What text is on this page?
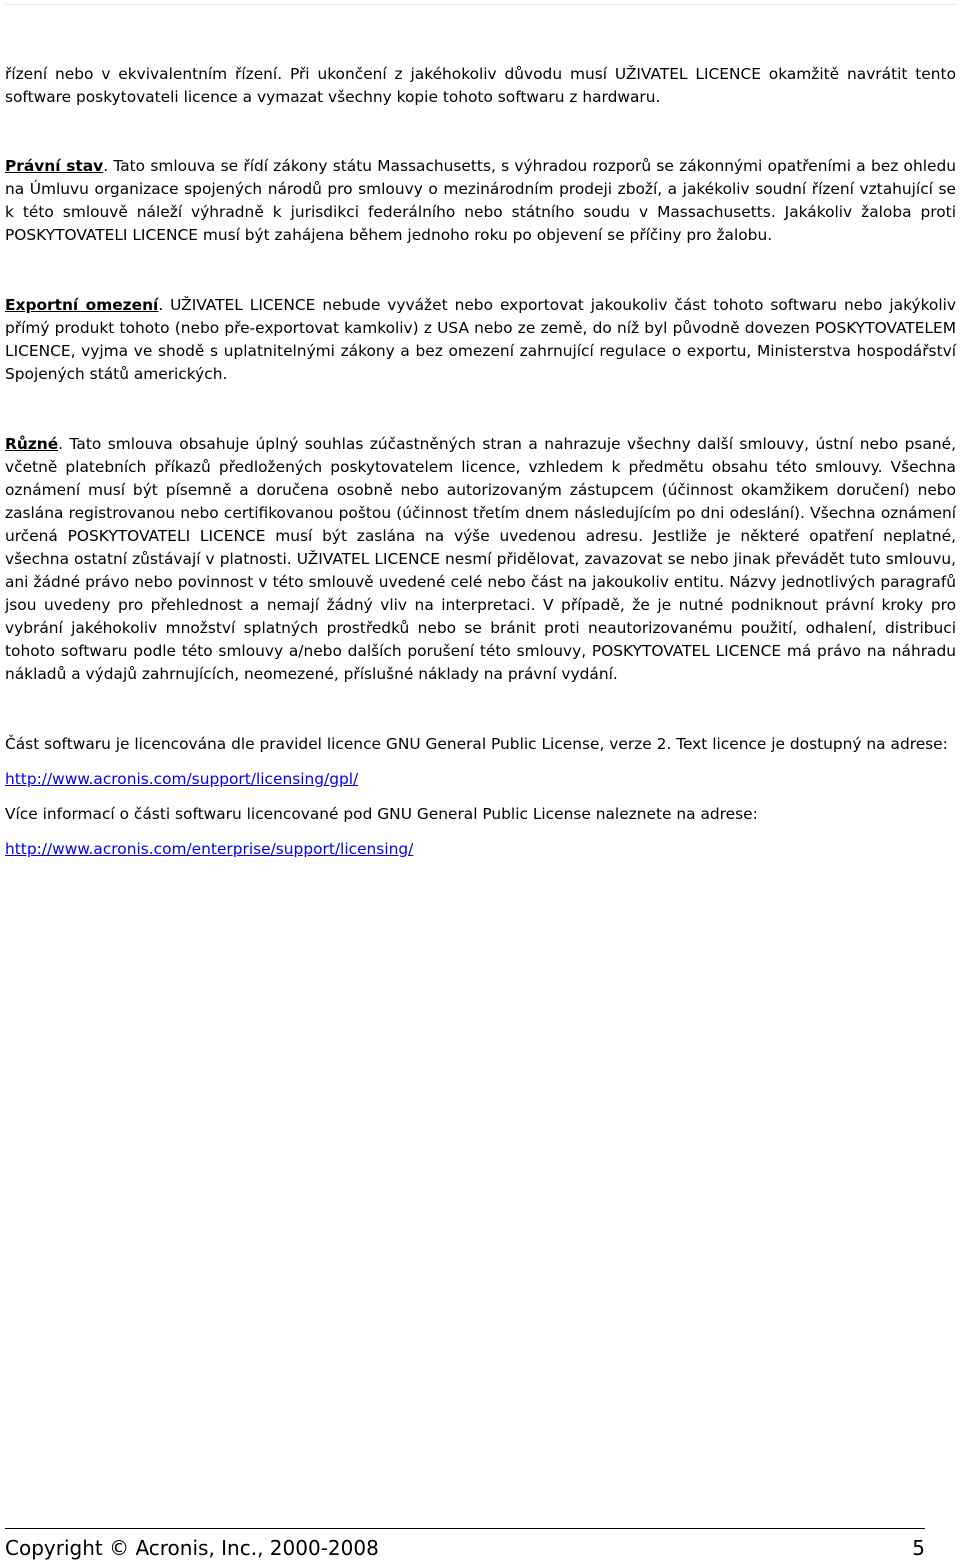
řízení nebo v ekvivalentním řízení. Při ukončení z jakéhokoliv důvodu musí UŽIVATEL LICENCE okamžitě navrátit tento software poskytovateli licence a vymazat všechny kopie tohoto softwaru z hardwaru.

Právní stav. Tato smlouva se řídí zákony státu Massachusetts, s výhradou rozporů se zákonnými opatřeními a bez ohledu na Úmluvu organizace spojených národů pro smlouvy o mezinárodním prodeji zboží, a jakékoliv soudní řízení vztahující se k této smlouvě náleží výhradně k jurisdikci federálního nebo státního soudu v Massachusetts. Jakákoliv žaloba proti POSKYTOVATELI LICENCE musí být zahájena během jednoho roku po objevení se příčiny pro žalobu.

Exportní omezení. UŽIVATEL LICENCE nebude vyvážet nebo exportovat jakoukoliv část tohoto softwaru nebo jakýkoliv přímý produkt tohoto (nebo pře-exportovat kamkoliv) z USA nebo ze země, do níž byl původně dovezen POSKYTOVATELEM LICENCE, vyjma ve shodě s uplatnitelnými zákony a bez omezení zahrnující regulace o exportu, Ministerstva hospodářství Spojených států amerických.

Různé. Tato smlouva obsahuje úplný souhlas zúčastněných stran a nahrazuje všechny další smlouvy, ústní nebo psané, včetně platebních příkazů předložených poskytovatelem licence, vzhledem k předmětu obsahu této smlouvy. Všechna oznámení musí být písemně a doručena osobně nebo autorizovaným zástupcem (účinnost okamžikem doručení) nebo zaslána registrovanou nebo certifikovanou poštou (účinnost třetím dnem následujícím po dni odeslání). Všechna oznámení určená POSKYTOVATELI LICENCE musí být zaslána na výše uvedenou adresu. Jestliže je některé opatření neplatné, všechna ostatní zůstávají v platnosti. UŽIVATEL LICENCE nesmí přidělovat, zavazovat se nebo jinak převádět tuto smlouvu, ani žádné právo nebo povinnost v této smlouvě uvedené celé nebo část na jakoukoliv entitu. Názvy jednotlivých paragrafů jsou uvedeny pro přehlednost a nemají žádný vliv na interpretaci. V případě, že je nutné podniknout právní kroky pro vybrání jakéhokoliv množství splatných prostředků nebo se bránit proti neautorizovanému použití, odhalení, distribuci tohoto softwaru podle této smlouvy a/nebo dalších porušení této smlouvy, POSKYTOVATEL LICENCE má právo na náhradu nákladů a výdajů zahrnujících, neomezené, příslušné náklady na právní vydání.

Část softwaru je licencována dle pravidel licence GNU General Public License, verze 2. Text licence je dostupný na adrese:

http://www.acronis.com/support/licensing/gpl/

Více informací o části softwaru licencované pod GNU General Public License naleznete na adrese:

http://www.acronis.com/enterprise/support/licensing/

Copyright © Acronis, Inc., 2000-2008	5
